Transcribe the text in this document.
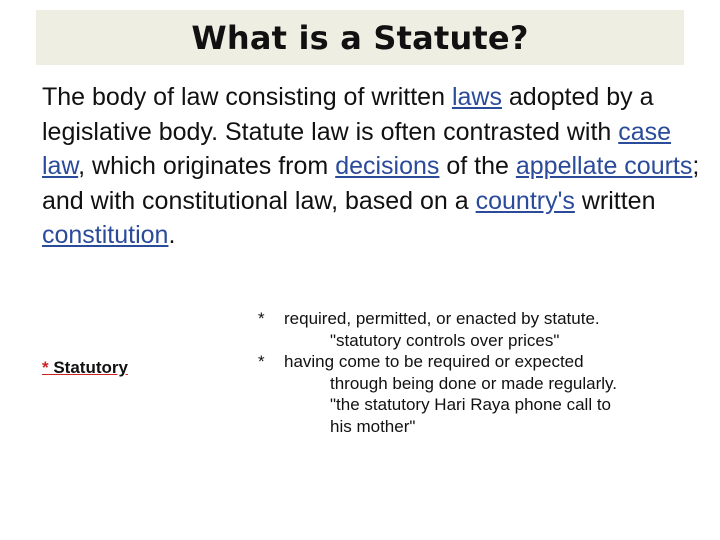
What is a Statute?

The body of law consisting of written laws adopted by a legislative body. Statute law is often contrasted with case law, which originates from decisions of the appellate courts; and with constitutional law, based on a country's written constitution.

* Statutory
* required, permitted, or enacted by statute.
"statutory controls over prices"
* having come to be required or expected
through being done or made regularly.
"the statutory Hari Raya phone call to
his mother"
